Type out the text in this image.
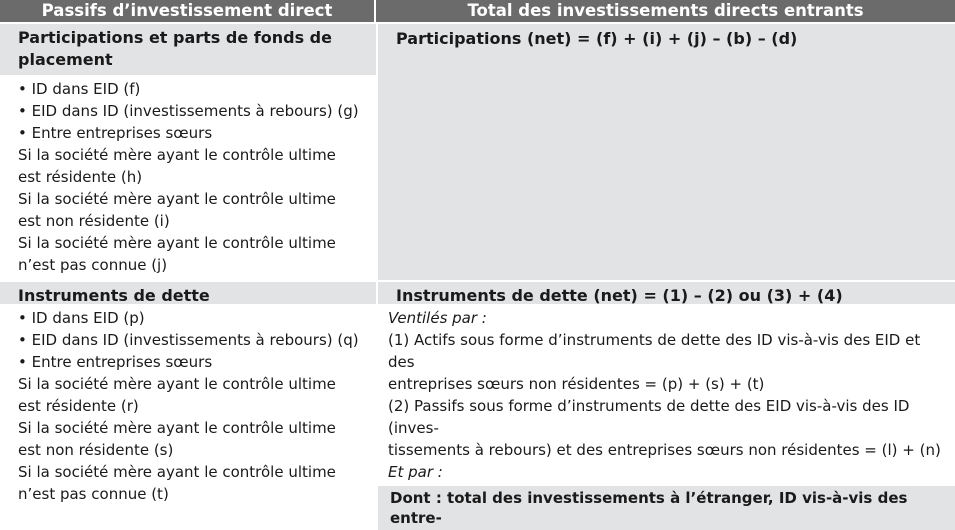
Passifs d’investissement direct	Total des investissements directs entrants
Participations et parts de fonds de placement
Participations (net) = (f) + (i) + (j) – (b) – (d)
• ID dans EID (f)
• EID dans ID (investissements à rebours) (g)
• Entre entreprises sœurs
Si la société mère ayant le contrôle ultime
est résidente (h)
Si la société mère ayant le contrôle ultime
est non résidente (i)
Si la société mère ayant le contrôle ultime
n’est pas connue (j)
Instruments de dette	Instruments de dette (net) = (1) – (2) ou (3) + (4)
• ID dans EID (p)
• EID dans ID (investissements à rebours) (q)
• Entre entreprises sœurs
Si la société mère ayant le contrôle ultime
est résidente (r)
Si la société mère ayant le contrôle ultime
est non résidente (s)
Si la société mère ayant le contrôle ultime
n’est pas connue (t)
Ventilés par :
(1) Actifs sous forme d’instruments de dette des ID vis-à-vis des EID et des
entreprises sœurs non résidentes = (p) + (s) + (t)
(2) Passifs sous forme d’instruments de dette des EID vis-à-vis des ID (inves-
tissements à rebours) et des entreprises sœurs non résidentes = (l) + (n)
Et par :
Dont : total des investissements à l’étranger, ID vis-à-vis des entre-
